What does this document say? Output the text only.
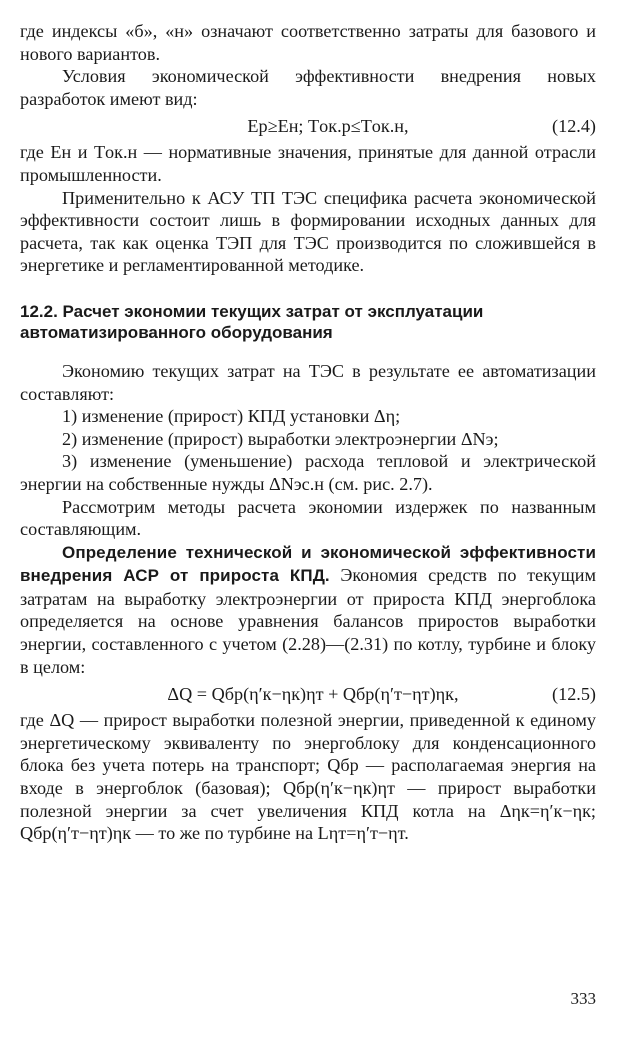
где индексы «б», «н» означают соответственно затраты для базового и нового вариантов.

Условия экономической эффективности внедрения новых разработок имеют вид:

Eр≥Eн; Tок.р≤Tок.н,	(12.4)

где Eн и Tок.н — нормативные значения, принятые для данной отрасли промышленности.

Применительно к АСУ ТП ТЭС специфика расчета экономической эффективности состоит лишь в формировании исходных данных для расчета, так как оценка ТЭП для ТЭС производится по сложившейся в энергетике и регламентированной методике.

12.2. Расчет экономии текущих затрат от эксплуатации автоматизированного оборудования

Экономию текущих затрат на ТЭС в результате ее автоматизации составляют:

1) изменение (прирост) КПД установки Δη;

2) изменение (прирост) выработки электроэнергии ΔNэ;

3) изменение (уменьшение) расхода тепловой и электрической энергии на собственные нужды ΔNэс.н (см. рис. 2.7).

Рассмотрим методы расчета экономии издержек по названным составляющим.

Определение технической и экономической эффективности внедрения АСР от прироста КПД. Экономия средств по текущим затратам на выработку электроэнергии от прироста КПД энергоблока определяется на основе уравнения балансов приростов выработки энергии, составленного с учетом (2.28)—(2.31) по котлу, турбине и блоку в целом:

ΔQ = Qбр(η′к−ηк)ηт + Qбр(η′т−ηт)ηк,	(12.5)

где ΔQ — прирост выработки полезной энергии, приведенной к единому энергетическому эквиваленту по энергоблоку для конденсационного блока без учета потерь на транспорт; Qбр — располагаемая энергия на входе в энергоблок (базовая); Qбр(η′к−ηк)ηт — прирост выработки полезной энергии за счет увеличения КПД котла на Δηк=η′к−ηк; Qбр(η′т−ηт)ηк — то же по турбине на Lηт=η′т−ηт.

333
